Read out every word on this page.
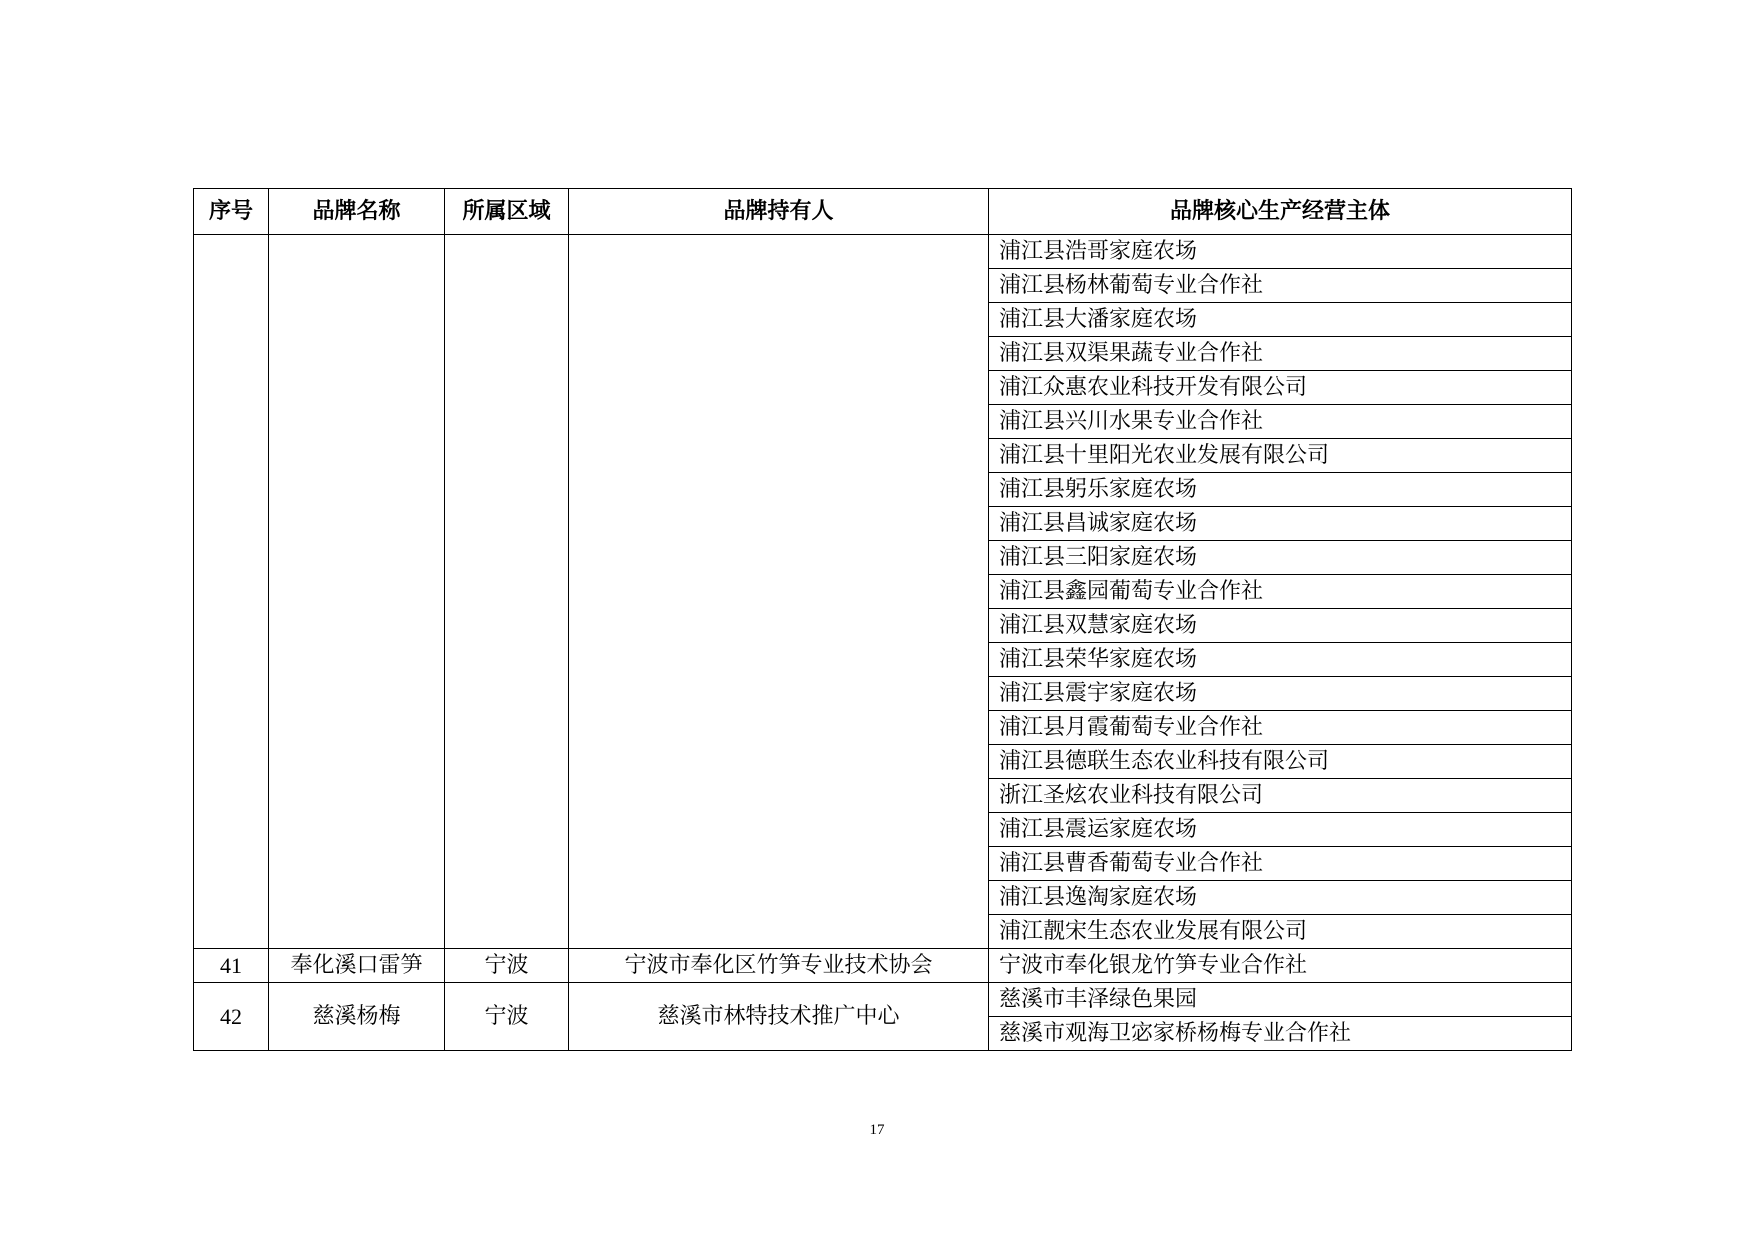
序号	品牌名称	所属区域	品牌持有人	品牌核心生产经营主体
				浦江县浩哥家庭农场
				浦江县杨林葡萄专业合作社
				浦江县大潘家庭农场
				浦江县双渠果蔬专业合作社
				浦江众惠农业科技开发有限公司
				浦江县兴川水果专业合作社
				浦江县十里阳光农业发展有限公司
				浦江县躬乐家庭农场
				浦江县昌诚家庭农场
				浦江县三阳家庭农场
				浦江县鑫园葡萄专业合作社
				浦江县双慧家庭农场
				浦江县荣华家庭农场
				浦江县震宇家庭农场
				浦江县月霞葡萄专业合作社
				浦江县德联生态农业科技有限公司
				浙江圣炫农业科技有限公司
				浦江县震运家庭农场
				浦江县曹香葡萄专业合作社
				浦江县逸淘家庭农场
				浦江靓宋生态农业发展有限公司
41	奉化溪口雷笋	宁波	宁波市奉化区竹笋专业技术协会	宁波市奉化银龙竹笋专业合作社
42	慈溪杨梅	宁波	慈溪市林特技术推广中心	慈溪市丰泽绿色果园
				慈溪市观海卫宓家桥杨梅专业合作社
17
